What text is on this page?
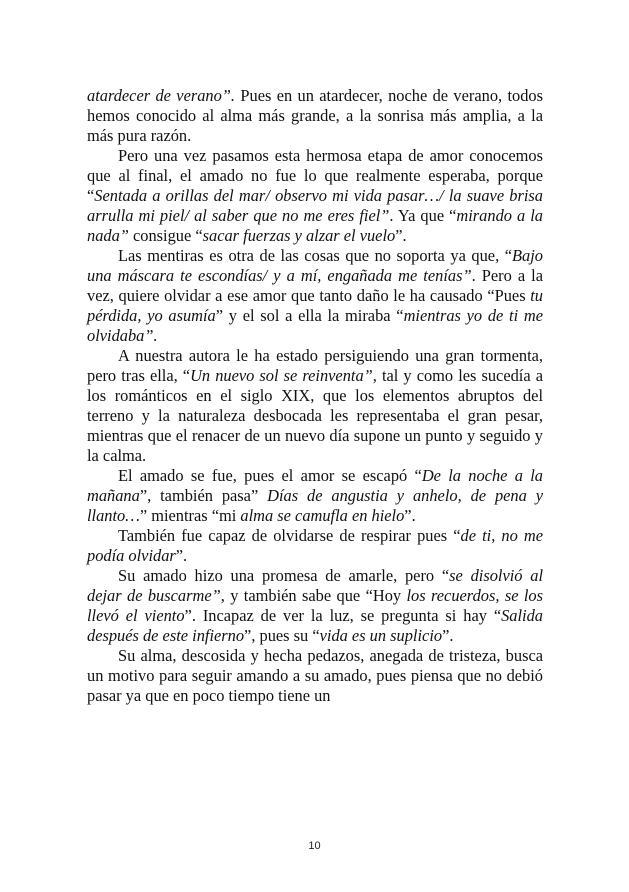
atardecer de verano”. Pues en un atardecer, noche de verano, todos hemos conocido al alma más grande, a la sonrisa más amplia, a la más pura razón.

Pero una vez pasamos esta hermosa etapa de amor conocemos que al final, el amado no fue lo que realmente esperaba, porque “Sentada a orillas del mar/ observo mi vida pasar…/ la suave brisa arrulla mi piel/ al saber que no me eres fiel”. Ya que “mirando a la nada” consigue “sacar fuerzas y alzar el vuelo”.

Las mentiras es otra de las cosas que no soporta ya que, “Bajo una máscara te escondías/ y a mí, engañada me tenías”. Pero a la vez, quiere olvidar a ese amor que tanto daño le ha causado “Pues tu pérdida, yo asumía” y el sol a ella la miraba “mientras yo de ti me olvidaba”.

A nuestra autora le ha estado persiguiendo una gran tormenta, pero tras ella, “Un nuevo sol se reinventa”, tal y como les sucedía a los románticos en el siglo XIX, que los elementos abruptos del terreno y la naturaleza desbocada les representaba el gran pesar, mientras que el renacer de un nuevo día supone un punto y seguido y la calma.

El amado se fue, pues el amor se escapó “De la noche a la mañana”, también pasa” Días de angustia y anhelo, de pena y llanto…” mientras “mi alma se camufla en hielo”.

También fue capaz de olvidarse de respirar pues “de ti, no me podía olvidar”.

Su amado hizo una promesa de amarle, pero “se disolvió al dejar de buscarme”, y también sabe que “Hoy los recuerdos, se los llevó el viento”. Incapaz de ver la luz, se pregunta si hay “Salida después de este infierno”, pues su “vida es un suplicio”.

Su alma, descosida y hecha pedazos, anegada de tristeza, busca un motivo para seguir amando a su amado, pues piensa que no debió pasar ya que en poco tiempo tiene un

10
